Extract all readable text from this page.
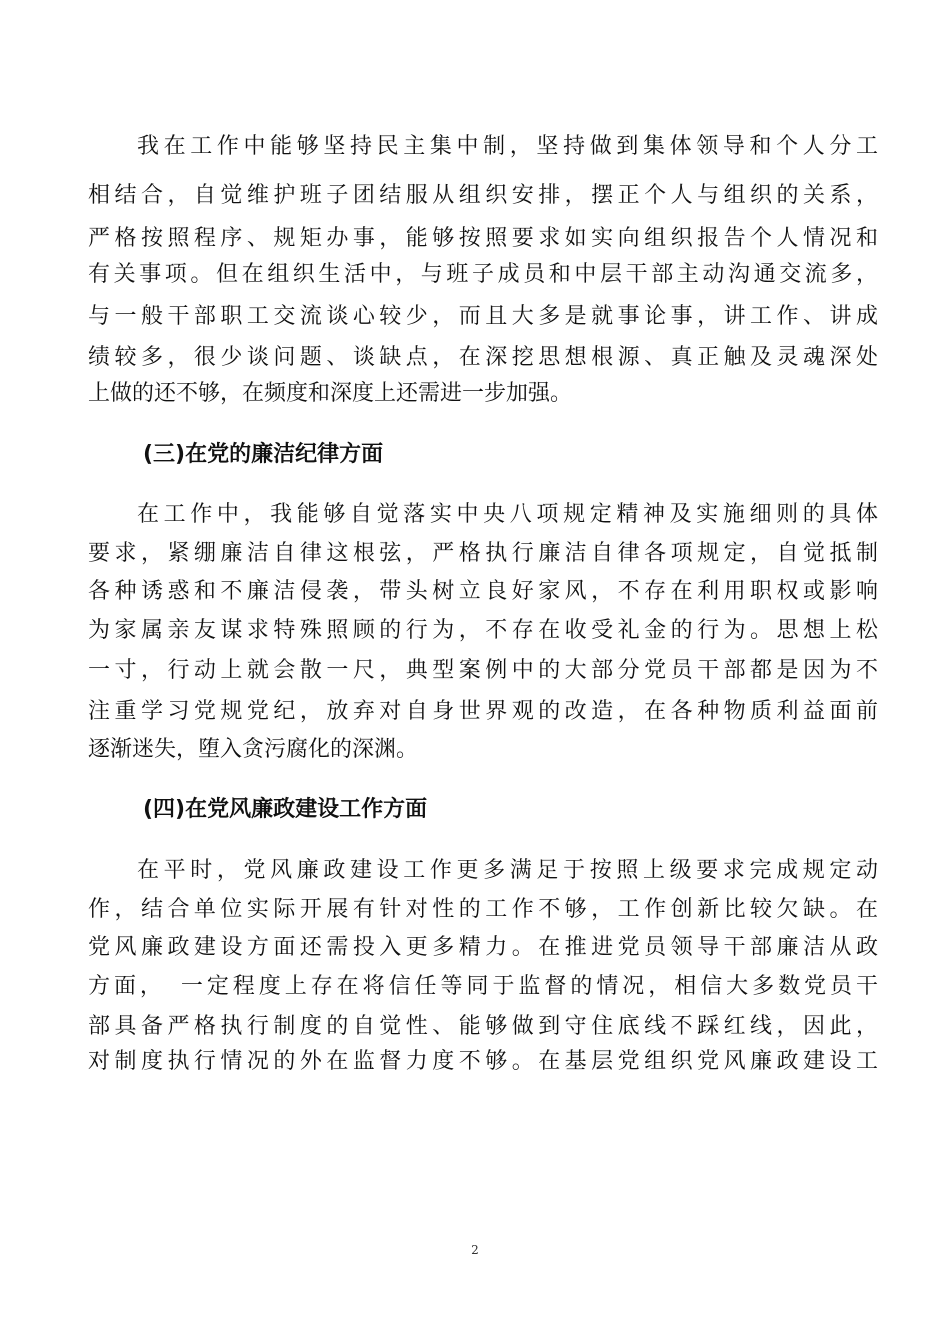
我在工作中能够坚持民主集中制，坚持做到集体领导和个人分工
相结合，自觉维护班子团结服从组织安排，摆正个人与组织的关系，
严格按照程序、规矩办事，能够按照要求如实向组织报告个人情况和
有关事项。但在组织生活中，与班子成员和中层干部主动沟通交流多，
与一般干部职工交流谈心较少，而且大多是就事论事，讲工作、讲成
绩较多，很少谈问题、谈缺点，在深挖思想根源、真正触及灵魂深处
上做的还不够，在频度和深度上还需进一步加强。
(三)在党的廉洁纪律方面
在工作中，我能够自觉落实中央八项规定精神及实施细则的具体
要求，紧绷廉洁自律这根弦，严格执行廉洁自律各项规定，自觉抵制
各种诱惑和不廉洁侵袭，带头树立良好家风，不存在利用职权或影响
为家属亲友谋求特殊照顾的行为，不存在收受礼金的行为。思想上松
一寸，行动上就会散一尺，典型案例中的大部分党员干部都是因为不
注重学习党规党纪，放弃对自身世界观的改造，在各种物质利益面前
逐渐迷失，堕入贪污腐化的深渊。
(四)在党风廉政建设工作方面
在平时，党风廉政建设工作更多满足于按照上级要求完成规定动
作，结合单位实际开展有针对性的工作不够，工作创新比较欠缺。在
党风廉政建设方面还需投入更多精力。在推进党员领导干部廉洁从政
方面，　一定程度上存在将信任等同于监督的情况，相信大多数党员干
部具备严格执行制度的自觉性、能够做到守住底线不踩红线，因此，
对制度执行情况的外在监督力度不够。在基层党组织党风廉政建设工
2
